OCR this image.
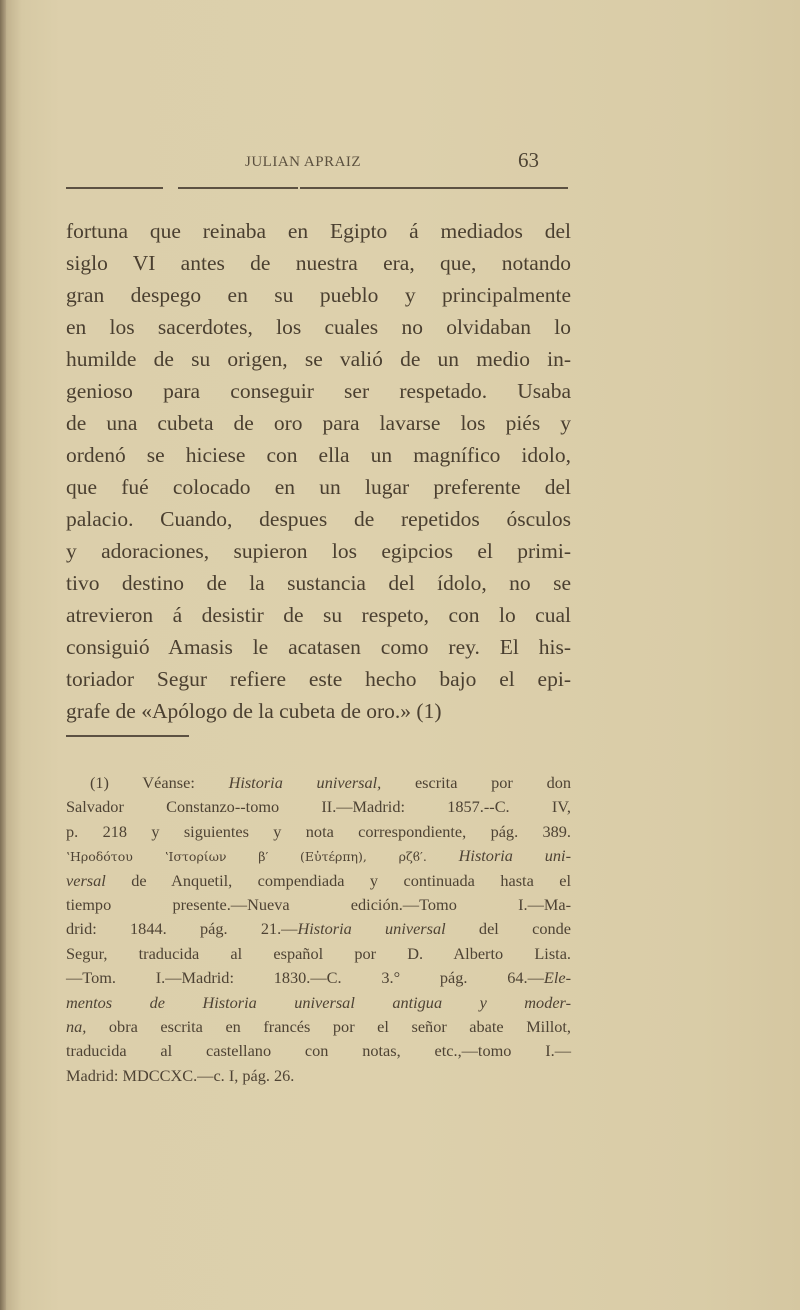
JULIAN APRAIZ	63
fortuna que reinaba en Egipto á mediados del
siglo VI antes de nuestra era, que, notando
gran despego en su pueblo y principalmente
en los sacerdotes, los cuales no olvidaban lo
humilde de su origen, se valió de un medio in-
genioso para conseguir ser respetado. Usaba
de una cubeta de oro para lavarse los piés y
ordenó se hiciese con ella un magnífico idolo,
que fué colocado en un lugar preferente del
palacio. Cuando, despues de repetidos ósculos
y adoraciones, supieron los egipcios el primi-
tivo destino de la sustancia del ídolo, no se
atrevieron á desistir de su respeto, con lo cual
consiguió Amasis le acatasen como rey. El his-
toriador Segur refiere este hecho bajo el epi-
grafe de «Apólogo de la cubeta de oro.» (1)
(1) Véanse: Historia universal, escrita por don
Salvador Constanzo--tomo II.—Madrid: 1857.--C. IV,
p. 218 y siguientes y nota correspondiente, pág. 389.
ʽΗροδότου ʽΙστορίων β′ (Εὐτέρπη), ρζϐ′. Historia uni-
versal de Anquetil, compendiada y continuada hasta el
tiempo presente.—Nueva edición.—Tomo I.—Ma-
drid: 1844. pág. 21.—Historia universal del conde
Segur, traducida al español por D. Alberto Lista.
—Tom. I.—Madrid: 1830.—C. 3.° pág. 64.—Ele-
mentos de Historia universal antigua y moder-
na, obra escrita en francés por el señor abate Millot,
traducida al castellano con notas, etc.,—tomo I.—
Madrid: MDCCXC.—c. I, pág. 26.
